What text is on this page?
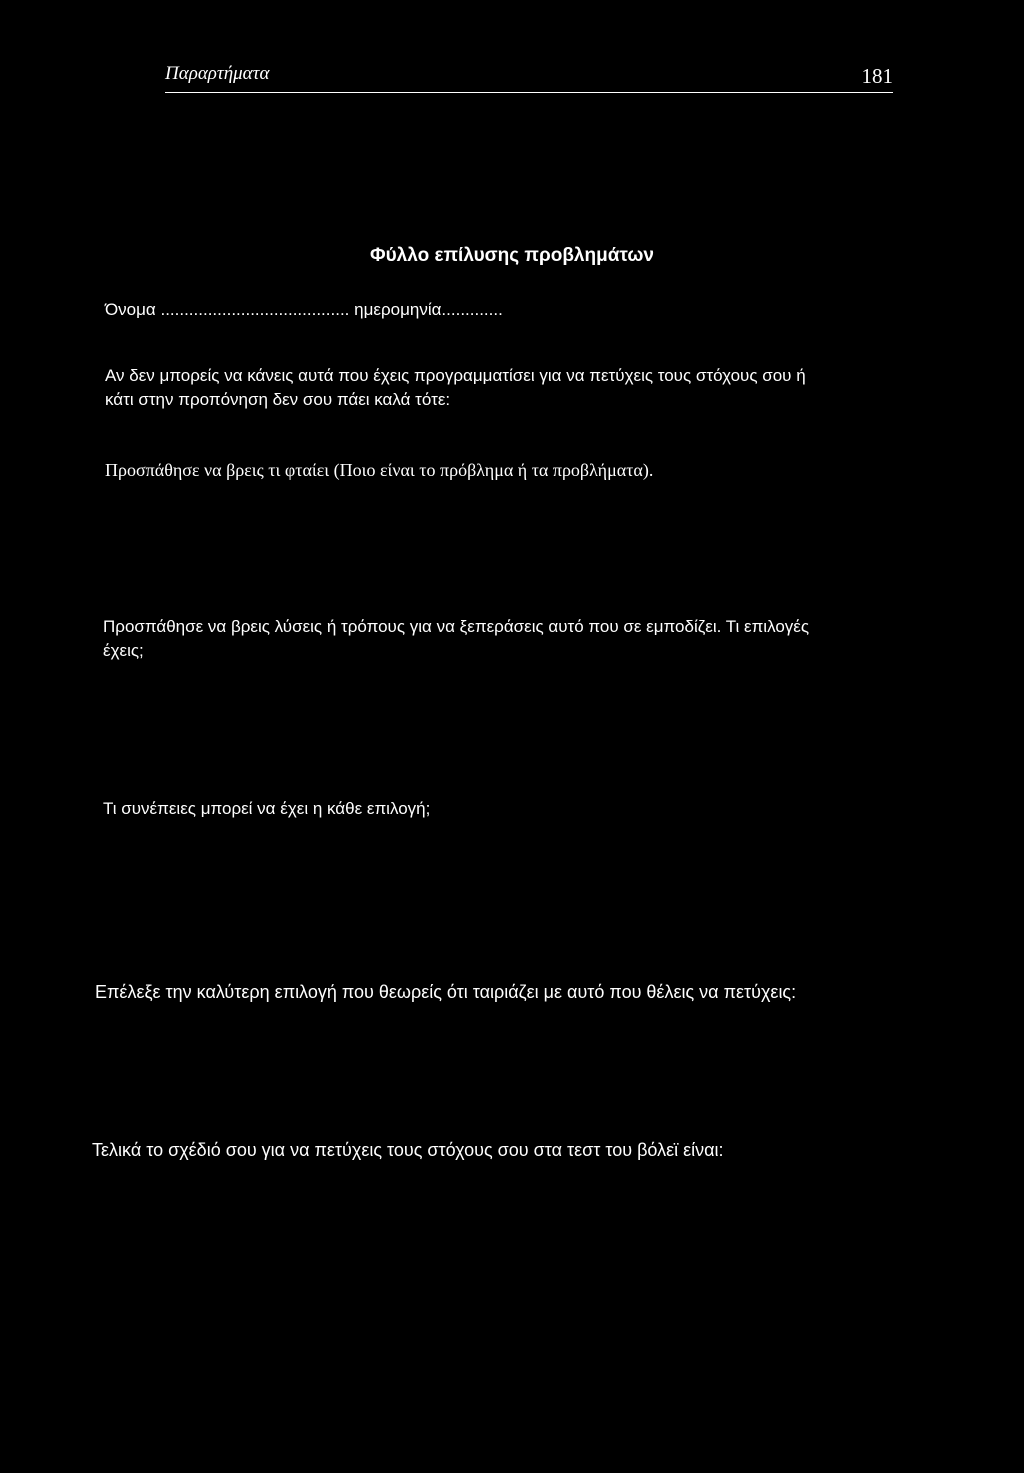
Παραρτήματα	181
Φύλλο επίλυσης προβλημάτων
Όνομα ........................................ ημερομηνία.............
Αν δεν μπορείς να κάνεις αυτά που έχεις προγραμματίσει για να πετύχεις τους στόχους σου ή
κάτι στην προπόνηση δεν σου πάει καλά τότε:
Προσπάθησε να βρεις τι φταίει (Ποιο είναι το πρόβλημα ή τα προβλήματα).
Προσπάθησε να βρεις λύσεις ή τρόπους για να ξεπεράσεις αυτό που σε εμποδίζει. Τι επιλογές
έχεις;
Τι συνέπειες μπορεί να έχει η κάθε επιλογή;
Επέλεξε την καλύτερη επιλογή που θεωρείς ότι ταιριάζει με αυτό που θέλεις να πετύχεις:
Τελικά το σχέδιό σου για να πετύχεις τους στόχους σου στα τεστ του βόλεϊ είναι:
